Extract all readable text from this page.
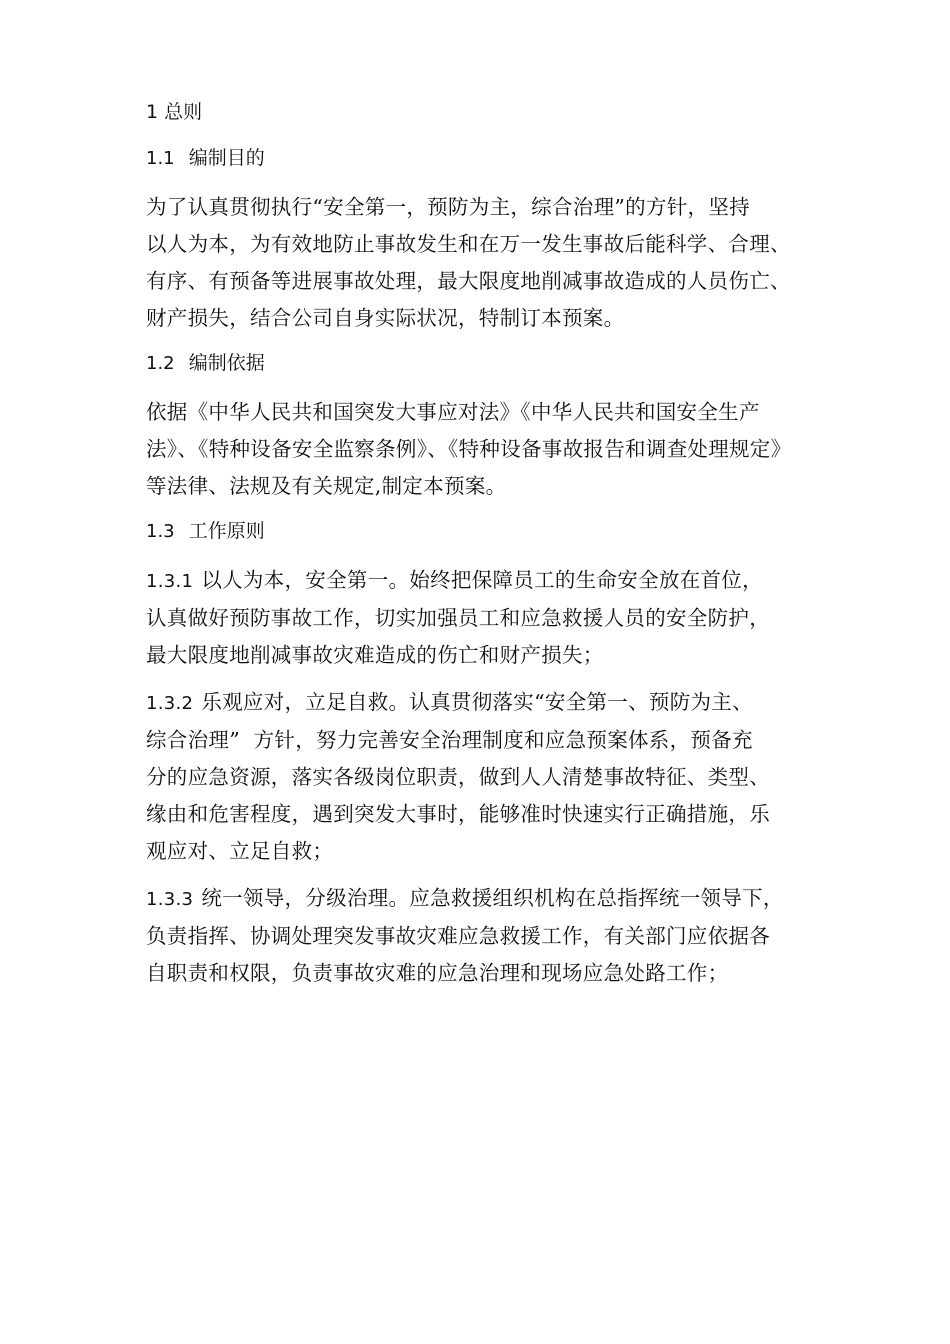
1 总则
1.1 编制目的
为了认真贯彻执行“安全第一，预防为主，综合治理”的方针，坚持
以人为本，为有效地防止事故发生和在万一发生事故后能科学、合理、
有序、有预备等进展事故处理，最大限度地削减事故造成的人员伤亡、
财产损失，结合公司自身实际状况，特制订本预案。
1.2 编制依据
依据《中华人民共和国突发大事应对法》《中华人民共和国安全生产
法》、《特种设备安全监察条例》、《特种设备事故报告和调查处理规定》
等法律、法规及有关规定,制定本预案。
1.3 工作原则
1.3.1 以人为本，安全第一。始终把保障员工的生命安全放在首位，
认真做好预防事故工作，切实加强员工和应急救援人员的安全防护，
最大限度地削减事故灾难造成的伤亡和财产损失；
1.3.2 乐观应对，立足自救。认真贯彻落实“安全第一、预防为主、
综合治理”  方针，努力完善安全治理制度和应急预案体系，预备充
分的应急资源，落实各级岗位职责，做到人人清楚事故特征、类型、
缘由和危害程度，遇到突发大事时，能够准时快速实行正确措施，乐
观应对、立足自救；
1.3.3 统一领导，分级治理。应急救援组织机构在总指挥统一领导下，
负责指挥、协调处理突发事故灾难应急救援工作，有关部门应依据各
自职责和权限，负责事故灾难的应急治理和现场应急处路工作；
